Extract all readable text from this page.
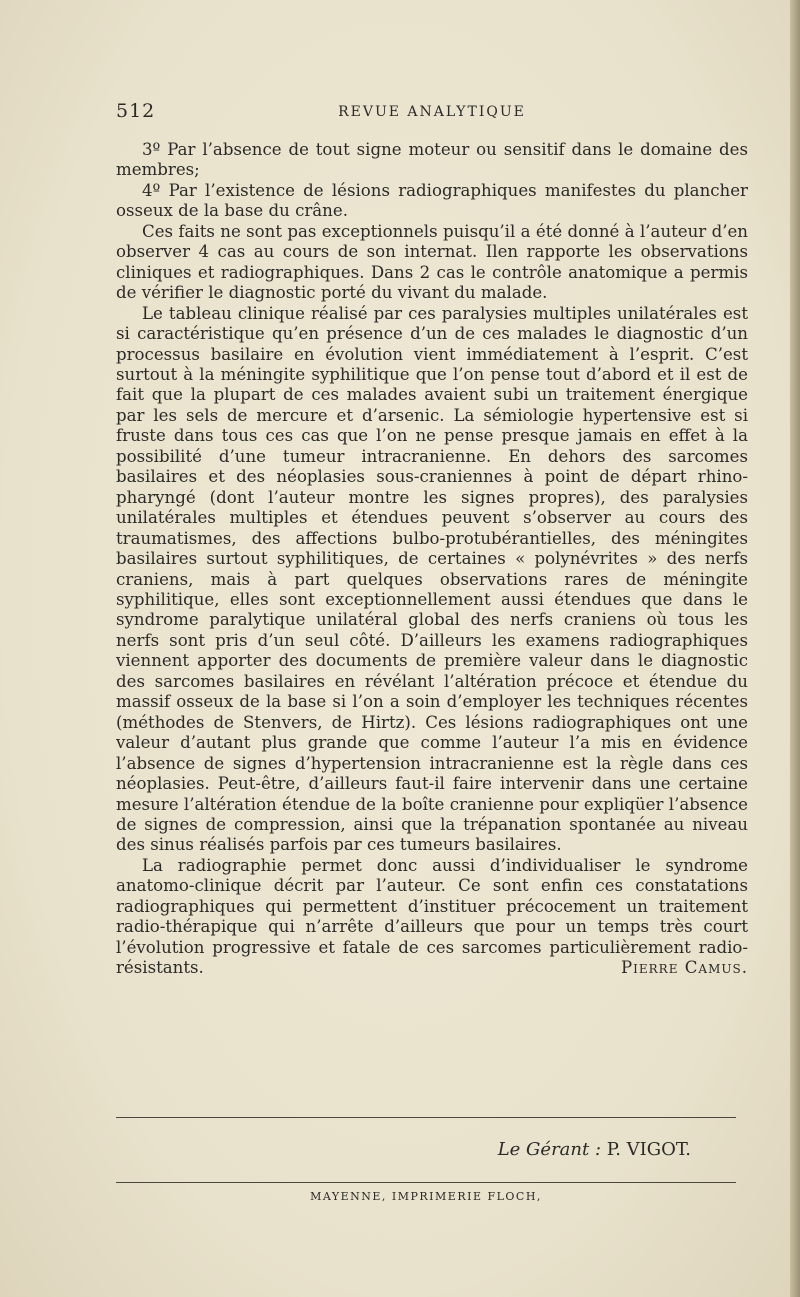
512	REVUE ANALYTIQUE

3º Par l’absence de tout signe moteur ou sensitif dans le domaine des membres;

4º Par l’existence de lésions radiographiques manifestes du plancher osseux de la base du crâne.

Ces faits ne sont pas exceptionnels puisqu’il a été donné à l’auteur d’en observer 4 cas au cours de son internat. Ilen rapporte les observations cliniques et radiographiques. Dans 2 cas le contrôle anatomique a permis de vérifier le diagnostic porté du vivant du malade.

Le tableau clinique réalisé par ces paralysies multiples unilatérales est si caractéristique qu’en présence d’un de ces malades le diagnostic d’un processus basilaire en évolution vient immédiatement à l’esprit. C’est surtout à la méningite syphilitique que l’on pense tout d’abord et il est de fait que la plupart de ces malades avaient subi un traitement énergique par les sels de mercure et d’arsenic. La sémiologie hypertensive est si fruste dans tous ces cas que l’on ne pense presque jamais en effet à la possibilité d’une tumeur intracranienne. En dehors des sarcomes basilaires et des néoplasies sous-craniennes à point de départ rhino-pharyngé (dont l’auteur montre les signes propres), des paralysies unilatérales multiples et étendues peuvent s’observer au cours des traumatismes, des affections bulbo-protubérantielles, des méningites basilaires surtout syphilitiques, de certaines « polynévrites » des nerfs craniens, mais à part quelques observations rares de méningite syphilitique, elles sont exceptionnellement aussi étendues que dans le syndrome paralytique unilatéral global des nerfs craniens où tous les nerfs sont pris d’un seul côté. D’ailleurs les examens radiographiques viennent apporter des documents de première valeur dans le diagnostic des sarcomes basilaires en révélant l’altération précoce et étendue du massif osseux de la base si l’on a soin d’employer les techniques récentes (méthodes de Stenvers, de Hirtz). Ces lésions radiographiques ont une valeur d’autant plus grande que comme l’auteur l’a mis en évidence l’absence de signes d’hypertension intracranienne est la règle dans ces néoplasies. Peut-être, d’ailleurs faut-il faire intervenir dans une certaine mesure l’altération étendue de la boîte cranienne pour expliqüer l’absence de signes de compression, ainsi que la trépanation spontanée au niveau des sinus réalisés parfois par ces tumeurs basilaires.

La radiographie permet donc aussi d’individualiser le syndrome anatomo-clinique décrit par l’auteur. Ce sont enfin ces constatations radiographiques qui permettent d’instituer précocement un traitement radio-thérapique qui n’arrête d’ailleurs que pour un temps très court l’évolution progressive et fatale de ces sarcomes particulièrement radio-résistants.	Pierre Camus.

Le Gérant : P. VIGOT.
MAYENNE, IMPRIMERIE FLOCH,
